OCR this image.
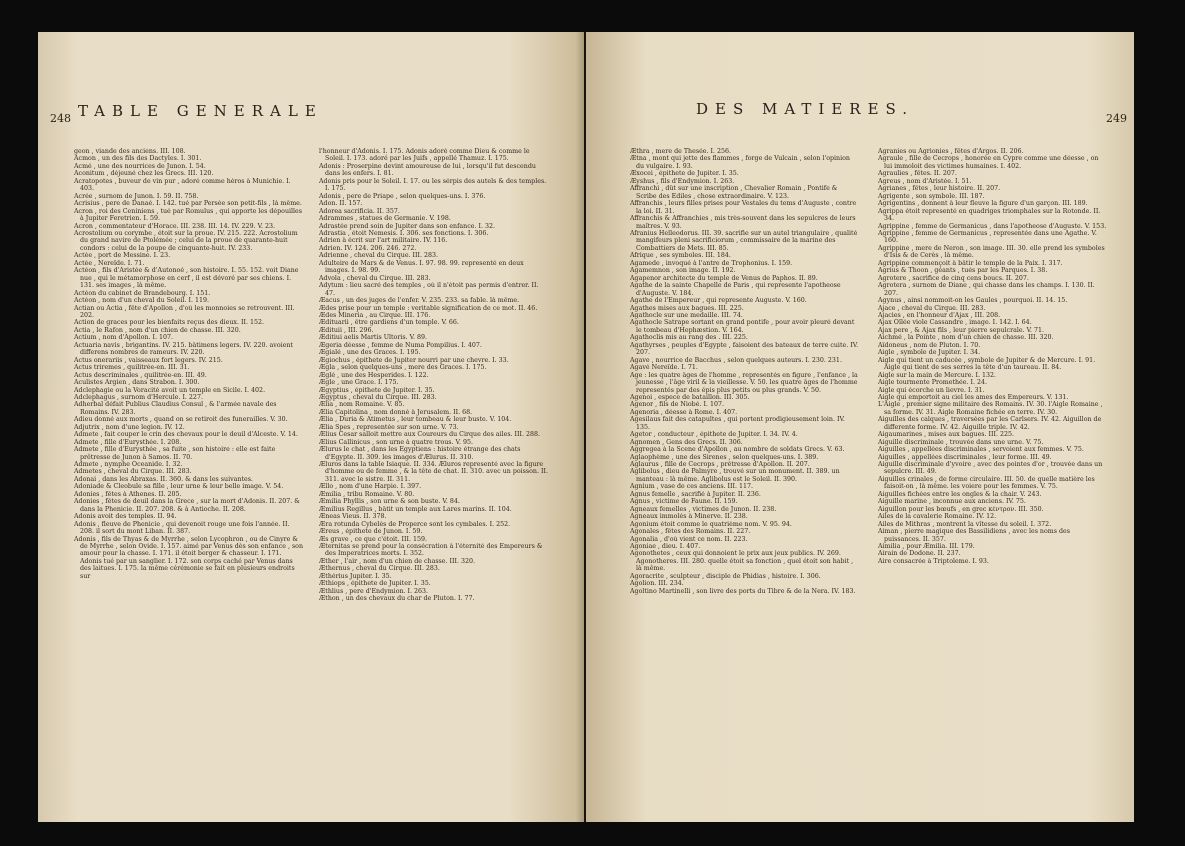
248 TABLE GENERALE
geon , viande des anciens. III. 108.
Acmon , un des fils des Dactyles. I. 301.
Acmé , une des nourrices de Junon. I. 54.
Aconitum , déjeuné chez les Grecs. III. 120.
Acratopotes , buveur de vin pur , adoré comme héros à Munichie. I. 403.
Acrée , surnom de Junon. I. 59. II. 758.
Acrisius , pere de Danaé. I. 142. tué par Persée son petit-fils , là même.
Acron , roi des Ceniniens , tué par Romulus , qui apporte les dépouilles à Jupiter Feretrien. I. 59.
Acron , commentateur d'Horace. III. 238. III. 14. IV. 229. V. 23.
Acrostolium ou corymbe , étoit sur la proue. IV. 215. 222. Acrostolium du grand navire de Ptolémée ; celui de la proue de quarante-huit condors : celui de la poupe de cinquante-huit. IV. 233.
Actée , port de Messine. I. 23.
Actée , Nereïde. I. 71.
Actéon , fils d'Aristée & d'Autonoé , son histoire. I. 55. 152. voit Diane nue , qui le métamorphose en cerf , il est dévoré par ses chiens. I. 131. ses images , là même.
Actéon du cabinet de Brandebourg. I. 151.
Actéon , nom d'un cheval du Soleil. I. 119.
Actian ou Actia , fête d'Apollon , d'où les monnoies se retrouvent. III. 202.
Action de graces pour les bienfaits reçus des dieux. II. 152.
Actia , le Rafon , nom d'un chien de chasse. III. 320.
Actium , nom d'Apollon. I. 107.
Actuaria navis , brigantins. IV. 215. bâtimens legers. IV. 220. avoient differens nombres de rameurs. IV. 220.
Actus onerariis , vaisseaux fort legers. IV. 215.
Actus triremes , quilitrée-en. III. 31.
Actus descriminales , quilitrée-en. III. 49.
Aculistes Argien , dans Strabon. I. 300.
Adclephagie ou la Voracité avoit un temple en Sicile. I. 402.
Adclephagus , surnom d'Hercule. I. 227.
Adherbal défait Publius Claudius Consul , & l'armée navale des Romains. IV. 283.
Adieu donné aux morts , quand on se retiroit des funerailles. V. 30.
Adjutrix , nom d'une legion. IV. 12.
Admete , fait couper le crin des chevaux pour le deuil d'Alceste. V. 14.
Admete , fille d'Eurysthée. I. 208.
Admete , fille d'Eurysthée , sa fuite , son histoire : elle est faite prêtresse de Junon à Samos. II. 70.
Admete , nymphe Oceanide. I. 32.
Admetes , cheval du Cirque. III. 283.
Adonai , dans les Abraxas. II. 360. & dans les suivantes.
Adoniade & Cleobule sa fille , leur urne & leur belle image. V. 54.
Adonies , fêtes à Athenes. II. 205.
Adonies , fêtes de deuil dans la Grece , sur la mort d'Adonis. II. 207. & dans la Phenicie. II. 207. 208. & à Antioche. II. 208.
Adonis avoit des temples. II. 94.
Adonis , fleuve de Phenicie , qui devenoit rouge une fois l'année. II. 208. il sort du mont Liban. II. 387.
Adonis , fils de Thyas & de Myrrhe , selon Lycophron , ou de Cinyre & de Myrrhe , selon Ovide. I. 157. aimé par Venus dès son enfance , son amour pour la chasse. I. 171. il étoit berger & chasseur. I. 171. Adonis tué par un sanglier. I. 172. son corps caché par Venus dans des laitues. I. 175. la même cérémonie se fait en plusieurs endroits sur
l'honneur d'Adonis. I. 175. Adonis adoré comme Dieu & comme le Soleil. I. 173. adoré par les Juifs , appellé Thamuz. I. 175.
Adonis : Proserpine devint amoureuse de lui , lorsqu'il fut descendu dans les enfers. I. 81.
Adonis pris pour le Soleil. I. 17. ou les sérpis des autels & des temples. I. 175.
Adonis , pere de Priape , selon quelques-uns. I. 376.
Adon. II. 157.
Adorea sacrificia. II. 357.
Adrammes , statues de Germanie. V. 198.
Adrastée prend soin de Jupiter dans son enfance. I. 32.
Adrastia , étoit Nemesis. I. 306. ses fonctions. I. 306.
Adrien à écrit sur l'art militaire. IV. 116.
Adrien. IV. 124. 206. 246. 272.
Adrienne , cheval du Cirque. III. 283.
Adulteire de Mars & de Venus. I. 97. 98. 99. representé en deux images. I. 98. 99.
Advola , cheval du Cirque. III. 283.
Adytum : lieu sacré des temples , où il n'étoit pas permis d'entrer. II. 47.
Æacus , un des juges de l'enfer. V. 235. 233. sa fable. là même.
Ædes prise pour un temple : veritable signification de ce mot. II. 46.
Ædes Mineria , au Cirque. III. 176.
Ædituarii , être gardiens d'un temple. V. 66.
Ædituii , III. 296.
Æditiui aelis Martis Ultoris. V. 89.
Ægeria déesse , femme de Numa Pompilius. I. 407.
Ægialé , une des Graces. I. 195.
Ægiochus , épithete de Jupiter nourri par une chevre. I. 33.
Ægla , selon quelques-uns , mere des Graces. I. 175.
Æglé , une des Hesperides. I. 122.
Ægle , une Grace. I. 175.
Ægyptius , épithete de Jupiter. I. 35.
Ægyptus , cheval du Cirque. III. 283.
Ælia , nom Romaine. V. 85.
Ælia Capitolina , nom donné à Jerusalem. II. 68.
Ælia , Duria & Atimetus , leur tombeau & leur buste. V. 104.
Ælia Spes , representée sur son urne. V. 73.
Ælius Cesar salloit mettre aux Coureurs du Cirque des ailes. III. 288.
Ælius Callinicus , son urne à quatre trous. V. 95.
Ælurus le chat , dans les Egyptiens : histoire étrange des chats d'Egypte. II. 309. les images d'Ælurus. II. 310.
Æluros dans la table Isiaque. II. 334. Æluros representé avec la figure d'homme ou de femme , & la tête de chat. II. 310. avec un poisson. II. 311. avec le sistre. II. 311.
Ællo , nom d'une Harpie. I. 397.
Æmilia , tribu Romaine. V. 80.
Æmilia Phyllis , son urne & son buste. V. 84.
Æmilius Regillus , bâtit un temple aux Lares marins. II. 104.
Æneas Vieus. II. 378.
Æra rotunda Cybelès de Properce sont les cymbales. I. 252.
Æreus , épithete de Junon. I. 59.
Æs grave , ce que c'étoit. III. 159.
Æternitas se prend pour la consécration à l'éternité des Empereurs & des Imperatrices morts. I. 352.
Æther , l'air , nom d'un chien de chasse. III. 320.
Æthernus , cheval du Cirque. III. 283.
Æthérius Jupiter. I. 35.
Æthiops , épithete de Jupiter. I. 35.
Æthlius , pere d'Endymion. I. 263.
Æthon , un des chevaux du char de Pluton. I. 77.
DES MATIERES.
249
Æthra , mere de Thesée. I. 256.
Ætna , mont qui jette des flammes , forge de Vulcain , selon l'opinion du vulgaire. I. 93.
Æxocei , épithete de Jupiter. I. 35.
Æyshus , fils d'Endymion. I. 263.
Affranchi , dût sur une inscription , Chevalier Romain , Pontife & Scribe des Ediles , chose extraordinaire. V. 123.
Affranchis , leurs filles prises pour Vestales du tems d'Auguste , contre la loi. II. 31.
Affranchis & Affranchies , mis très-souvent dans les sepulcres de leurs maîtres. V. 93.
Afranius Helleodorus. III. 39. sacrifie sur un autel triangulaire , qualité mangifeurs pleni sacrificiorum , commissaire de la marine des Combattiers de Mets. III. 85.
Afrique , ses symboles. III. 184.
Agamede , invoqué à l'antre de Trophonius. I. 159.
Agamemnon , son image. II. 192.
Agapenor architecte du temple de Venus de Paphos. II. 89.
Agathe de la sainte Chapelle de Paris , qui represente l'apotheose d'Auguste. V. 184.
Agathe de l'Empereur , qui represente Auguste. V. 160.
Agathes mises aux bagues. III. 225.
Agathocle sur une medaille. III. 74.
Agathocle Satrape sortant en grand pontife , pour avoir pleuré devant le tombeau d'Hephæstion. V. 164.
Agathoclis mis au rang des . III. 225.
Agathyrses , peuples d'Egypte , faisoient des bateaux de terre cuite. IV. 207.
Agave , nourrice de Bacchus , selon quelques auteurs. I. 230. 231.
Agavé Nereïde. I. 71.
Age : les quatre âges de l'homme , representés en figure , l'enfance , la jeunesse , l'âge viril & la vieillesse. V. 50. les quatre âges de l'homme representés par des épis plus petits ou plus grands. V. 50.
Agenoi , espece de bataillon. III. 305.
Agenor , fils de Niobé. I. 107.
Agenoria , déesse à Rome. I. 407.
Agesilaus fait des catapultes , qui portent prodigieusement loin. IV. 135.
Agetor , conducteur , épithete de Jupiter. I. 34. IV. 4.
Agnomen , Gens des Grecs. II. 306.
Aggregea à la Scene d'Apollon , au nombre de soldats Grecs. V. 63.
Aglaophème , une des Sirenes , selon quelques-uns. I. 389.
Aglaurus , fille de Cecrops , prêtresse d'Apollon. II. 207.
Aglibolus , dieu de Palmyre , trouvé sur un monument. II. 389. un manteau : là même. Aglibolus est le Soleil. II. 390.
Agnium , vase de ces anciens. III. 117.
Agnus femelle , sacrifié à Jupiter. II. 236.
Agnus , victime de Faune. II. 159.
Agneaux femelles , victimes de Junon. II. 238.
Agneaux immolés à Minerve. II. 238.
Agonium étoit comme le quatrième nom. V. 95. 94.
Agonales , fêtes des Romains. II. 227.
Agonalia , d'où vient ce nom. II. 223.
Agoniae , dieu. I. 407.
Agonothetes , ceux qui donnoient le prix aux jeux publics. IV. 269. Agonotheres. III. 280. quelle étoit sa fonction , quel étoit son habit , là même.
Agoracrite , sculpteur , disciple de Phidias , histoire. I. 306.
Agolion. III. 234.
Agoltino Martinelli , son livre des ports du Tibre & de la Nera. IV. 183.
Agranies ou Agrionies , fêtes d'Argos. II. 206.
Agraule , fille de Cecrops , honorée en Cypre comme une déesse , on lui immoloit des victimes humaines. I. 402.
Agraulies , fêtes. II. 207.
Agreus , nom d'Aristée. I. 51.
Agrianes , fêtes , leur histoire. II. 207.
Agrigente , son symbole. III. 187.
Agrigentins , donnent à leur fleuve la figure d'un garçon. III. 189.
Agrippa étoit representé en quadriges triomphales sur la Rotonde. II. 34.
Agrippine , femme de Germanicus , dans l'apotheose d'Auguste. V. 153.
Agrippine , femme de Germanicus , representée dans une Agathe. V. 160.
Agrippine , mere de Neron , son image. III. 30. elle prend les symboles d'Isis & de Cerès , là même.
Agrippine commençoit à bâtir le temple de la Paix. I. 317.
Agrius & Thoon , géants , tués par les Parques. I. 38.
Agrotere , sacrifice de cinq cens boucs. II. 207.
Agrotera , surnom de Diane , qui chasse dans les champs. I. 130. II. 207.
Agynus , ainsi nommoit-on les Gaules , pourquoi. II. 14. 15.
Ajace , cheval du Cirque. III. 283.
Ajacies , en l'honneur d'Ajax , III. 208.
Ajax Oïlée viole Cassandre , image. I. 142. I. 64.
Ajax pere , & Ajax fils , leur pierre sepulcrale. V. 71.
Aichmé , la Pointe , nom d'un chien de chasse. III. 320.
Aïdoneus , nom de Pluton. I. 70.
Aigle , symbole de Jupiter. I. 34.
Aigle qui tient un caducée , symbole de Jupiter & de Mercure. I. 91. Aigle qui tient de ses serres la tête d'un taureau. II. 84.
Aigle sur la main de Mercure. I. 132.
Aigle tourmente Promethée. I. 24.
Aigle qui écorche un lievre. I. 31.
Aigle qui emportoit au ciel les ames des Empereurs. V. 131.
L'Aigle , premier signe militaire des Romains. IV. 30. l'Aigle Romaine , sa forme. IV. 31. Aigle Romaine fichée en terre. IV. 30.
Aiguilles des calques , traversées par les Carlsers. IV. 42. Aiguillon de differente forme. IV. 42. Aiguille triple. IV. 42.
Aigaumarines , mises aux bagues. III. 225.
Aiguille discriminale , trouvée dans une urne. V. 75.
Aiguilles , appellées discriminales , servoient aux femmes. V. 75.
Aiguilles , appellées discriminales , leur forme. III. 49.
Aiguille discriminale d'yvoire , avec des pointes d'or , trouvée dans un sepulcre. III. 49.
Aiguilles crinales , de forme circulaire. III. 50. de quelle matière les faisoit-on , là même. les voiere pour les femmes. V. 75.
Aiguilles fichées entre les ongles & la chair. V. 243.
Aiguille marine , inconnue aux anciens. IV. 75.
Aiguillon pour les bœufs , en grec κέντρον. III. 350.
Ailes de la cavalerie Romaine. IV. 12.
Ailes de Mithras , montrent la vîtesse du soleil. I. 372.
Aiman , pierre magique des Bassilidiens , avec les noms des puissances. II. 357.
Aimilia , pour Æmilia. III. 179.
Airain de Dodone. II. 237.
Aire consacrée à Triptoleme. I. 93.
